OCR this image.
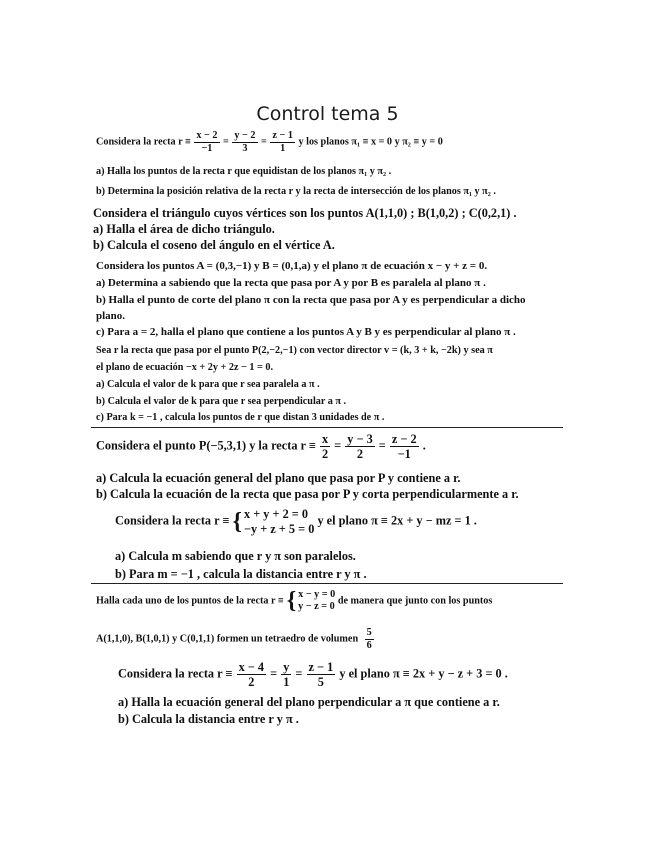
Control tema 5
Considera la recta $r \equiv \frac{x - 2}{-1} = \frac{y - 2}{3} = \frac{z - 1}{1}$ y los planos π₁ ≡ x = 0 y π₂ ≡ y = 0
a) Halla los puntos de la recta r que equidistan de los planos π₁ y π₂ .
b) Determina la posición relativa de la recta r y la recta de intersección de los planos π₁ y π₂ .
Considera el triángulo cuyos vértices son los puntos A(1,1,0) ; B(1,0,2) ; C(0,2,1) .
a) Halla el área de dicho triángulo.
b) Calcula el coseno del ángulo en el vértice A.
Considera los puntos A = (0,3,−1) y B = (0,1,a) y el plano π de ecuación x − y + z = 0.
a) Determina a sabiendo que la recta que pasa por A y por B es paralela al plano π .
b) Halla el punto de corte del plano π con la recta que pasa por A y es perpendicular a dicho
plano.
c) Para a = 2, halla el plano que contiene a los puntos A y B y es perpendicular al plano π .
Sea r la recta que pasa por el punto P(2,−2,−1) con vector director v = (k, 3 + k, −2k) y sea π
el plano de ecuación −x + 2y + 2z − 1 = 0.
a) Calcula el valor de k para que r sea paralela a π .
b) Calcula el valor de k para que r sea perpendicular a π .
c) Para k = −1 , calcula los puntos de r que distan 3 unidades de π .
Considera el punto P(−5,3,1) y la recta $r \equiv \frac{x}{2} = \frac{y - 3}{2} = \frac{z - 2}{-1}$ .
a) Calcula la ecuación general del plano que pasa por P y contiene a r.
b) Calcula la ecuación de la recta que pasa por P y corta perpendicularmente a r.
Considera la recta r ≡ { x + y + 2 = 0
−y + z + 5 = 0
y el plano π ≡ 2x + y − mz = 1 .
a) Calcula m sabiendo que r y π son paralelos.
b) Para m = −1 , calcula la distancia entre r y π .
Halla cada uno de los puntos de la recta r ≡ { x − y = 0
y − z = 0
de manera que junto con los puntos
A(1,1,0), B(1,0,1) y C(0,1,1) formen un tetraedro de volumen $\frac{5}{6}$
Considera la recta $r \equiv \frac{x - 4}{2} = \frac{y}{1} = \frac{z - 1}{5}$ y el plano π ≡ 2x + y − z + 3 = 0 .
a) Halla la ecuación general del plano perpendicular a π que contiene a r.
b) Calcula la distancia entre r y π .
